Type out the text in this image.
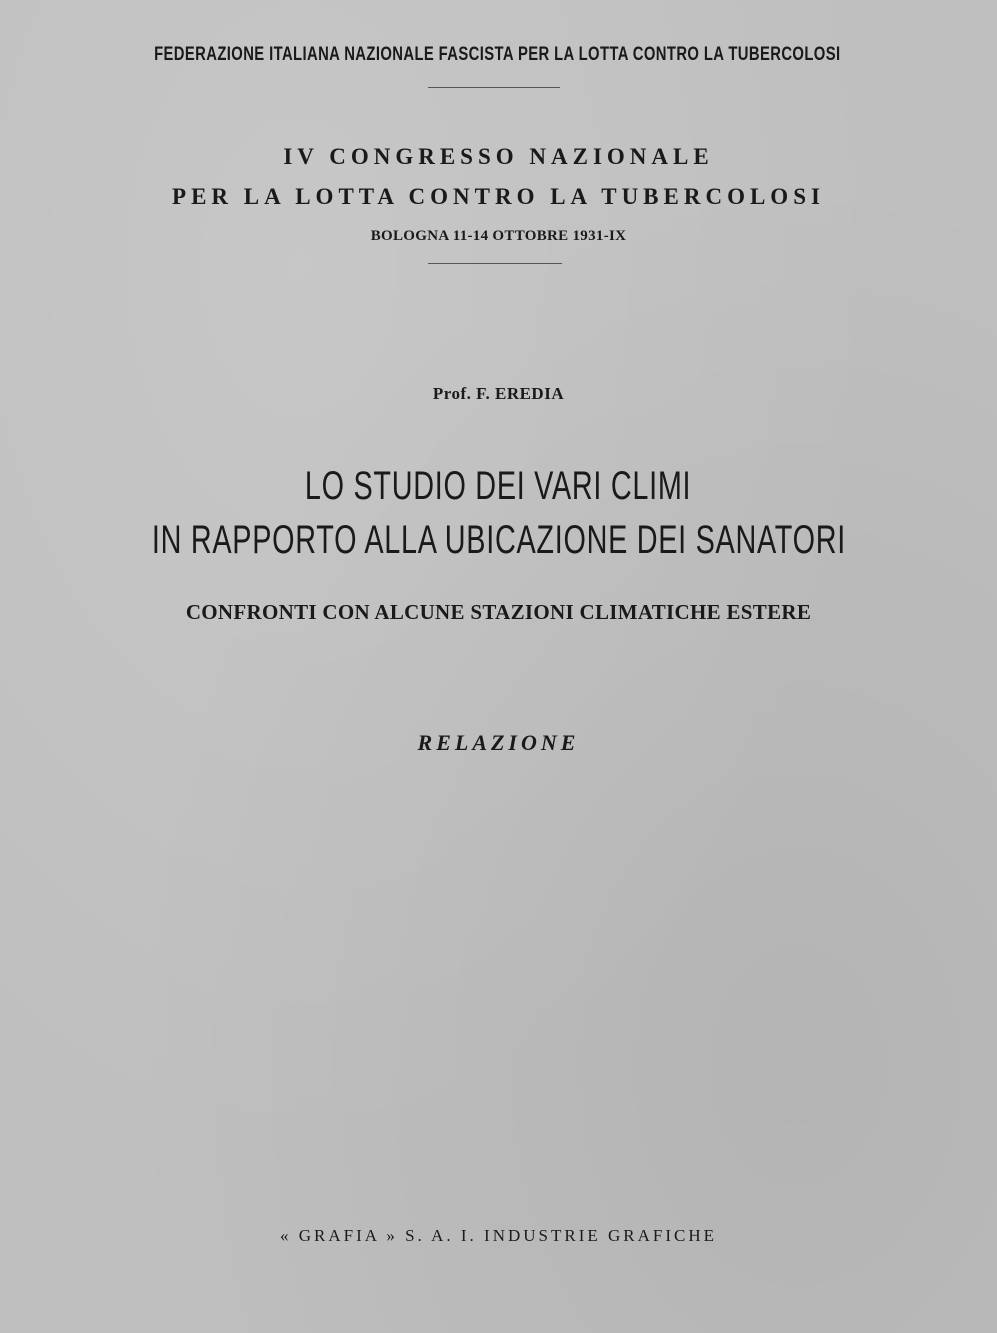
FEDERAZIONE ITALIANA NAZIONALE FASCISTA PER LA LOTTA CONTRO LA TUBERCOLOSI
IV CONGRESSO NAZIONALE
PER LA LOTTA CONTRO LA TUBERCOLOSI
BOLOGNA 11-14 OTTOBRE 1931-IX
Prof. F. EREDIA
LO STUDIO DEI VARI CLIMI
IN RAPPORTO ALLA UBICAZIONE DEI SANATORI
CONFRONTI CON ALCUNE STAZIONI CLIMATICHE ESTERE
RELAZIONE
« GRAFIA » S. A. I. INDUSTRIE GRAFICHE
